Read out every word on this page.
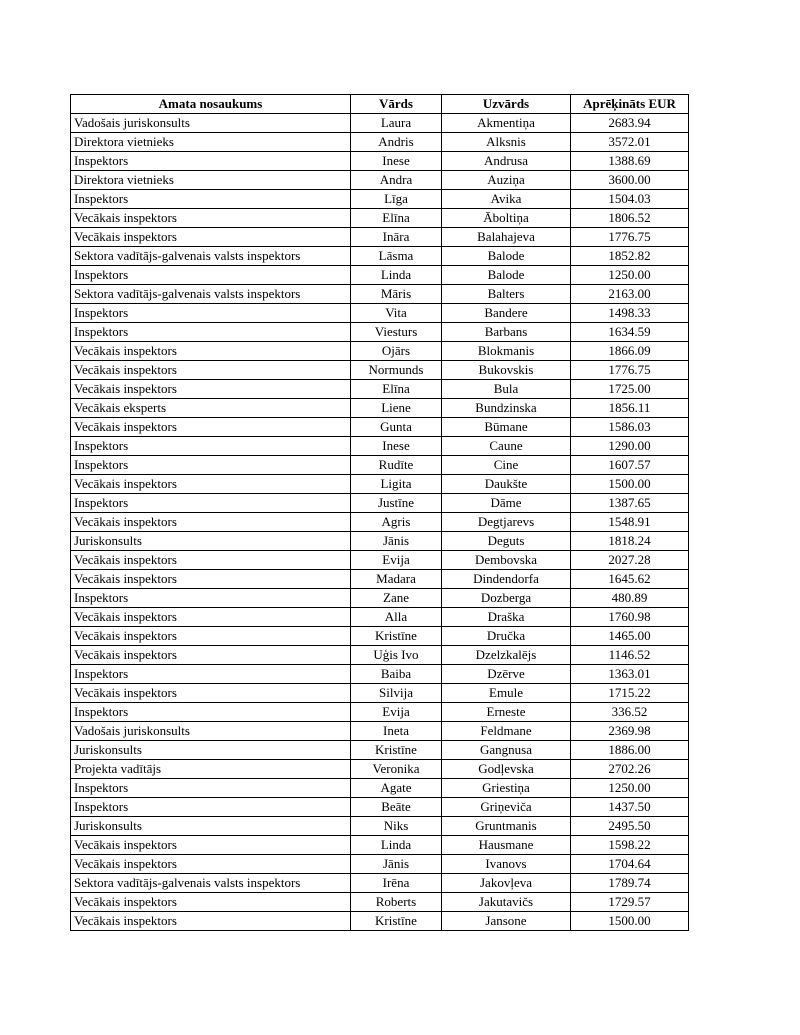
Amata nosaukums	Vārds	Uzvārds	Aprēķināts EUR
Vadošais juriskonsults	Laura	Akmentiņa	2683.94
Direktora vietnieks	Andris	Alksnis	3572.01
Inspektors	Inese	Andrusa	1388.69
Direktora vietnieks	Andra	Auziņa	3600.00
Inspektors	Līga	Avika	1504.03
Vecākais inspektors	Elīna	Āboltiņa	1806.52
Vecākais inspektors	Ināra	Balahajeva	1776.75
Sektora vadītājs-galvenais valsts inspektors	Lāsma	Balode	1852.82
Inspektors	Linda	Balode	1250.00
Sektora vadītājs-galvenais valsts inspektors	Māris	Balters	2163.00
Inspektors	Vita	Bandere	1498.33
Inspektors	Viesturs	Barbans	1634.59
Vecākais inspektors	Ojārs	Blokmanis	1866.09
Vecākais inspektors	Normunds	Bukovskis	1776.75
Vecākais inspektors	Elīna	Bula	1725.00
Vecākais eksperts	Liene	Bundzinska	1856.11
Vecākais inspektors	Gunta	Būmane	1586.03
Inspektors	Inese	Caune	1290.00
Inspektors	Rudīte	Cine	1607.57
Vecākais inspektors	Ligita	Daukšte	1500.00
Inspektors	Justīne	Dāme	1387.65
Vecākais inspektors	Agris	Degtjarevs	1548.91
Juriskonsults	Jānis	Deguts	1818.24
Vecākais inspektors	Evija	Dembovska	2027.28
Vecākais inspektors	Madara	Dindendorfa	1645.62
Inspektors	Zane	Dozberga	480.89
Vecākais inspektors	Alla	Draška	1760.98
Vecākais inspektors	Kristīne	Dručka	1465.00
Vecākais inspektors	Uģis Ivo	Dzelzkalējs	1146.52
Inspektors	Baiba	Dzērve	1363.01
Vecākais inspektors	Silvija	Emule	1715.22
Inspektors	Evija	Erneste	336.52
Vadošais juriskonsults	Ineta	Feldmane	2369.98
Juriskonsults	Kristīne	Gangnusa	1886.00
Projekta vadītājs	Veronika	Godļevska	2702.26
Inspektors	Agate	Griestiņa	1250.00
Inspektors	Beāte	Griņeviča	1437.50
Juriskonsults	Niks	Gruntmanis	2495.50
Vecākais inspektors	Linda	Hausmane	1598.22
Vecākais inspektors	Jānis	Ivanovs	1704.64
Sektora vadītājs-galvenais valsts inspektors	Irēna	Jakovļeva	1789.74
Vecākais inspektors	Roberts	Jakutavičs	1729.57
Vecākais inspektors	Kristīne	Jansone	1500.00
